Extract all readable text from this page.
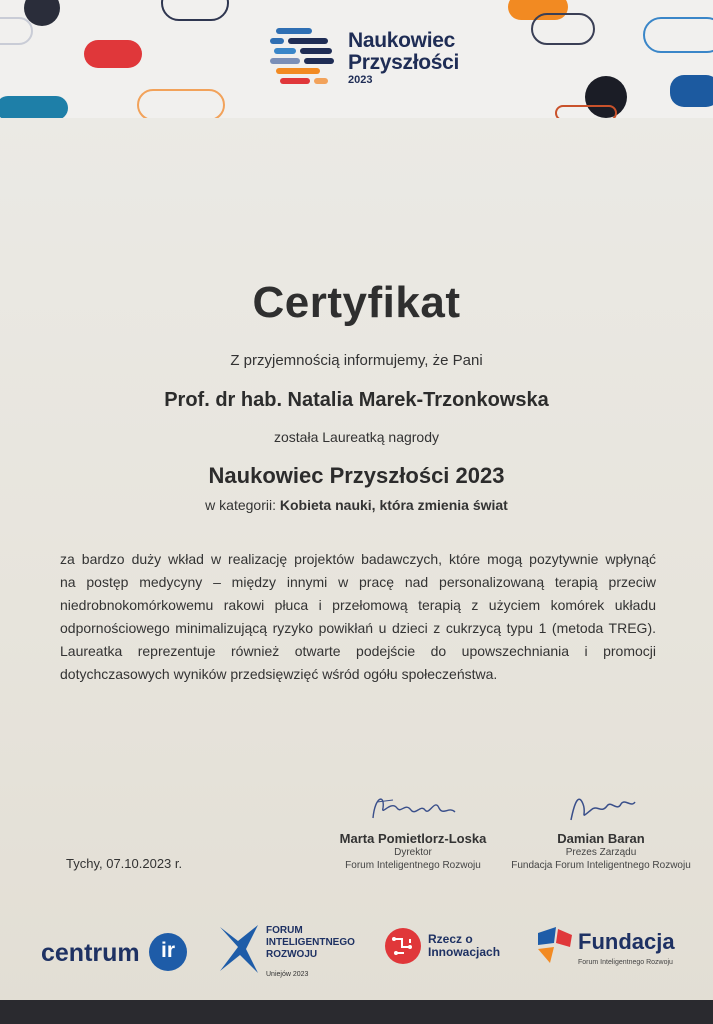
Naukowiec
Przyszłości
2023
Certyfikat
Z przyjemnością informujemy, że Pani
Prof. dr hab. Natalia Marek-Trzonkowska
została Laureatką nagrody
Naukowiec Przyszłości 2023
w kategorii: Kobieta nauki, która zmienia świat
za bardzo duży wkład w realizację projektów badawczych, które mogą pozytywnie wpłynąć
na postęp medycyny – między innymi w pracę nad personalizowaną terapią przeciw
niedrobnokomórkowemu rakowi płuca i przełomową terapią z użyciem komórek układu
odpornościowego minimalizującą ryzyko powikłań u dzieci z cukrzycą typu 1 (metoda TREG).
Laureatka reprezentuje również otwarte podejście do upowszechniania i promocji
dotychczasowych wyników przedsięwzięć wśród ogółu społeczeństwa.
Tychy, 07.10.2023 r.
Marta Pomietlorz-Loska
Dyrektor
Forum Inteligentnego Rozwoju
Damian Baran
Prezes Zarządu
Fundacja Forum Inteligentnego Rozwoju
centrum	ir
FORUM
INTELIGENTNEGO
ROZWOJU
Uniejów 2023
Rzecz o
Innowacjach	Fundacja
Forum Inteligentnego Rozwoju
